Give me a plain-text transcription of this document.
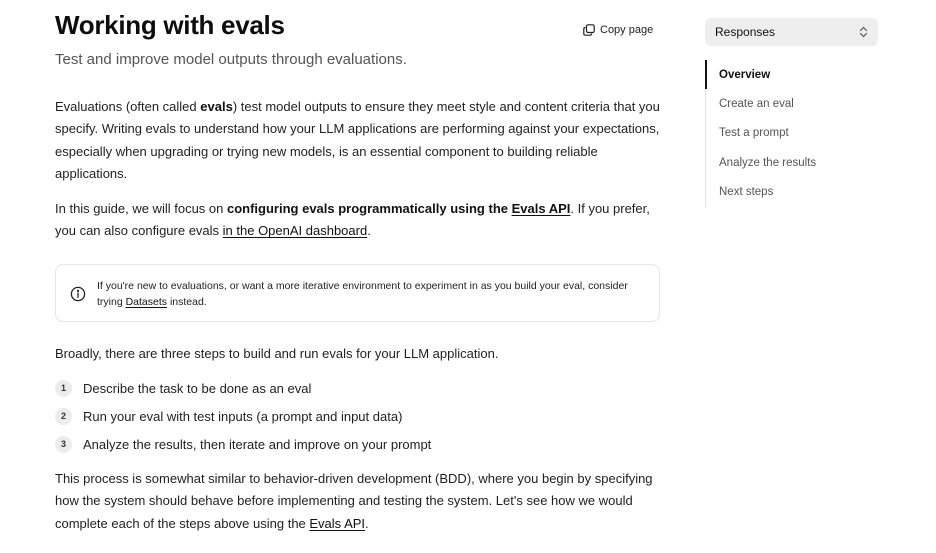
Working with evals	Copy page

Test and improve model outputs through evaluations.

Evaluations (often called evals) test model outputs to ensure they meet style and content criteria that you specify. Writing evals to understand how your LLM applications are performing against your expectations, especially when upgrading or trying new models, is an essential component to building reliable applications.

In this guide, we will focus on configuring evals programmatically using the Evals API. If you prefer, you can also configure evals in the OpenAI dashboard.

If you're new to evaluations, or want a more iterative environment to experiment in as you build your eval, consider trying Datasets instead.

Broadly, there are three steps to build and run evals for your LLM application.

1	Describe the task to be done as an eval
2	Run your eval with test inputs (a prompt and input data)
3	Analyze the results, then iterate and improve on your prompt

This process is somewhat similar to behavior-driven development (BDD), where you begin by specifying how the system should behave before implementing and testing the system. Let's see how we would complete each of the steps above using the Evals API.

Responses
Overview
Create an eval
Test a prompt
Analyze the results
Next steps
